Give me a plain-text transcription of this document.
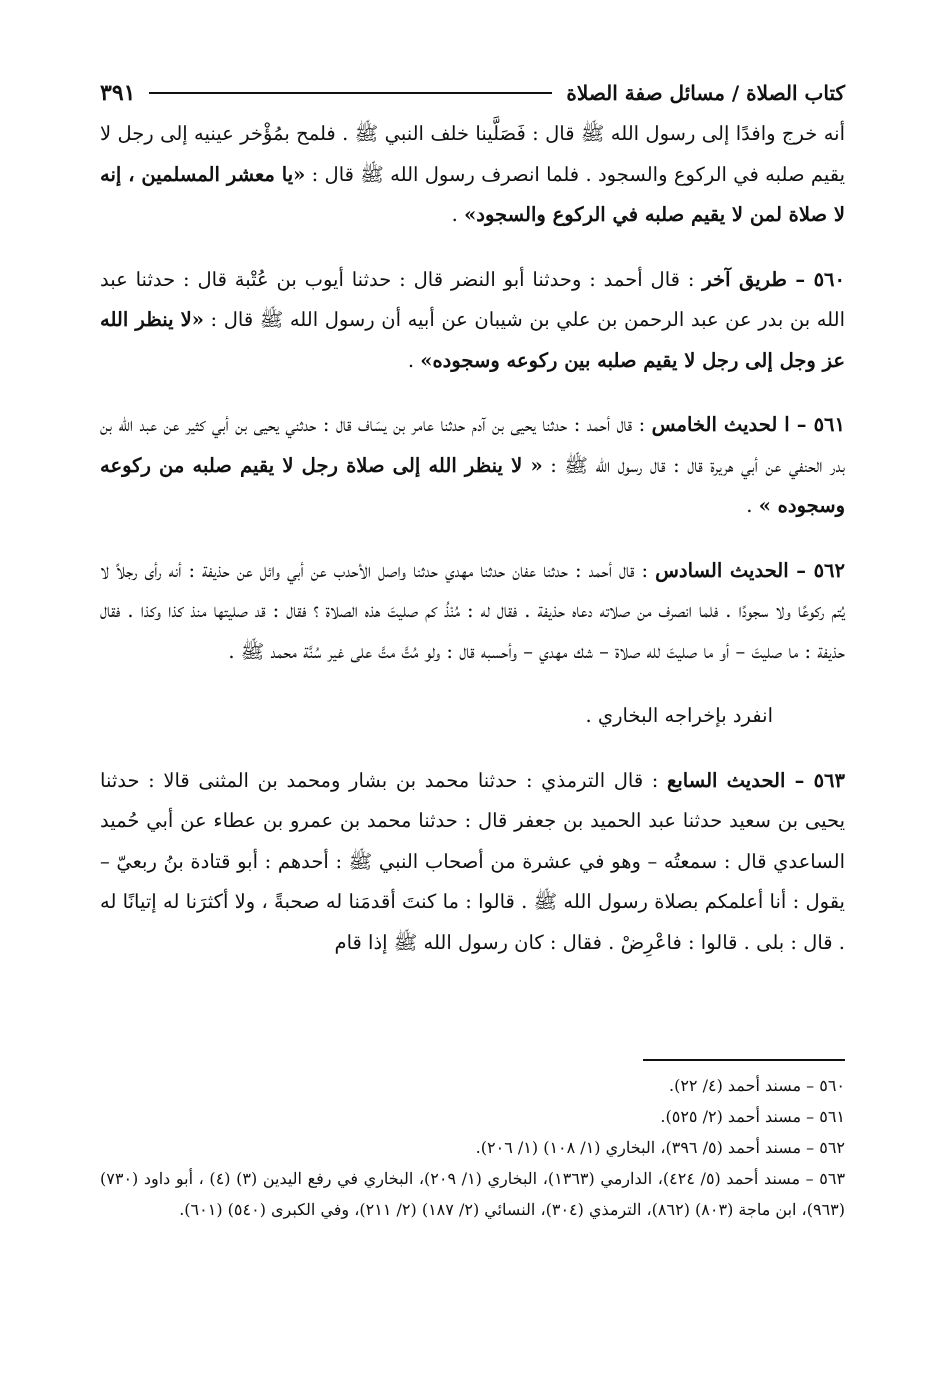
كتاب الصلاة / مسائل صفة الصلاة
٣٩١

أنه خرج وافدًا إلى رسول الله ﷺ قال : فَصَلَّينا خلف النبي ﷺ . فلمح بمُؤْخر عينيه إلى رجل لا يقيم صلبه في الركوع والسجود . فلما انصرف رسول الله ﷺ قال : «يا معشر المسلمين ، إنه لا صلاة لمن لا يقيم صلبه في الركوع والسجود» .

٥٦٠ – طريق آخر : قال أحمد : وحدثنا أبو النضر قال : حدثنا أيوب بن عُتْبة قال : حدثنا عبد الله بن بدر عن عبد الرحمن بن علي بن شيبان عن أبيه أن رسول الله ﷺ قال : «لا ينظر الله عز وجل إلى رجل لا يقيم صلبه بين ركوعه وسجوده» .

٥٦١ – ا لحديث الخامس : قال أحمد : حدثنا يحيى بن آدم حدثنا عامر بن يسَاف قال : حدثني يحيى بن أبي كثير عن عبد الله بن بدر الحنفي عن أبي هريرة قال : قال رسول الله ﷺ : « لا ينظر الله إلى صلاة رجل لا يقيم صلبه من ركوعه وسجوده » .

٥٦٢ – الحديث السادس : قال أحمد : حدثنا عفان حدثنا مهدي حدثنا واصل الأحدب عن أبي وائل عن حذيفة : أنه رأى رجلاً لا يُتم ركوعًا ولا سجودًا . فلما انصرف من صلاته دعاه حذيفة . فقال له : مُنْذُ كم صليتَ هذه الصلاة ؟ فقال : قد صليتها منذ كذا وكذا . فقال حذيفة : ما صليتَ – أو ما صليتَ لله صلاة – شك مهدي – وأحسبه قال : ولو مُتَّ متَّ على غير سُنَّة محمد ﷺ .

انفرد بإخراجه البخاري .

٥٦٣ – الحديث السابع : قال الترمذي : حدثنا محمد بن بشار ومحمد بن المثنى قالا : حدثنا يحيى بن سعيد حدثنا عبد الحميد بن جعفر قال : حدثنا محمد بن عمرو بن عطاء عن أبي حُميد الساعدي قال : سمعتُه – وهو في عشرة من أصحاب النبي ﷺ : أحدهم : أبو قتادة بنُ ربعيّ – يقول : أنا أعلمكم بصلاة رسول الله ﷺ . قالوا : ما كنتَ أقدمَنا له صحبةً ، ولا أكثرَنا له إتيانًا له . قال : بلى . قالوا : فاعْرِضْ . فقال : كان رسول الله ﷺ إذا قام

٥٦٠ – مسند أحمد (٤/ ٢٢).

٥٦١ – مسند أحمد (٢/ ٥٢٥).

٥٦٢ – مسند أحمد (٥/ ٣٩٦)، البخاري (١/ ١٠٨) (١/ ٢٠٦).

٥٦٣ – مسند أحمد (٥/ ٤٢٤)، الدارمي (١٣٦٣)، البخاري (١/ ٢٠٩)، البخاري في رفع اليدين (٣) (٤) ، أبو داود (٧٣٠) (٩٦٣)، ابن ماجة (٨٠٣) (٨٦٢)، الترمذي (٣٠٤)، النسائي (٢/ ١٨٧) (٢/ ٢١١)، وفي الكبرى (٥٤٠) (٦٠١).
